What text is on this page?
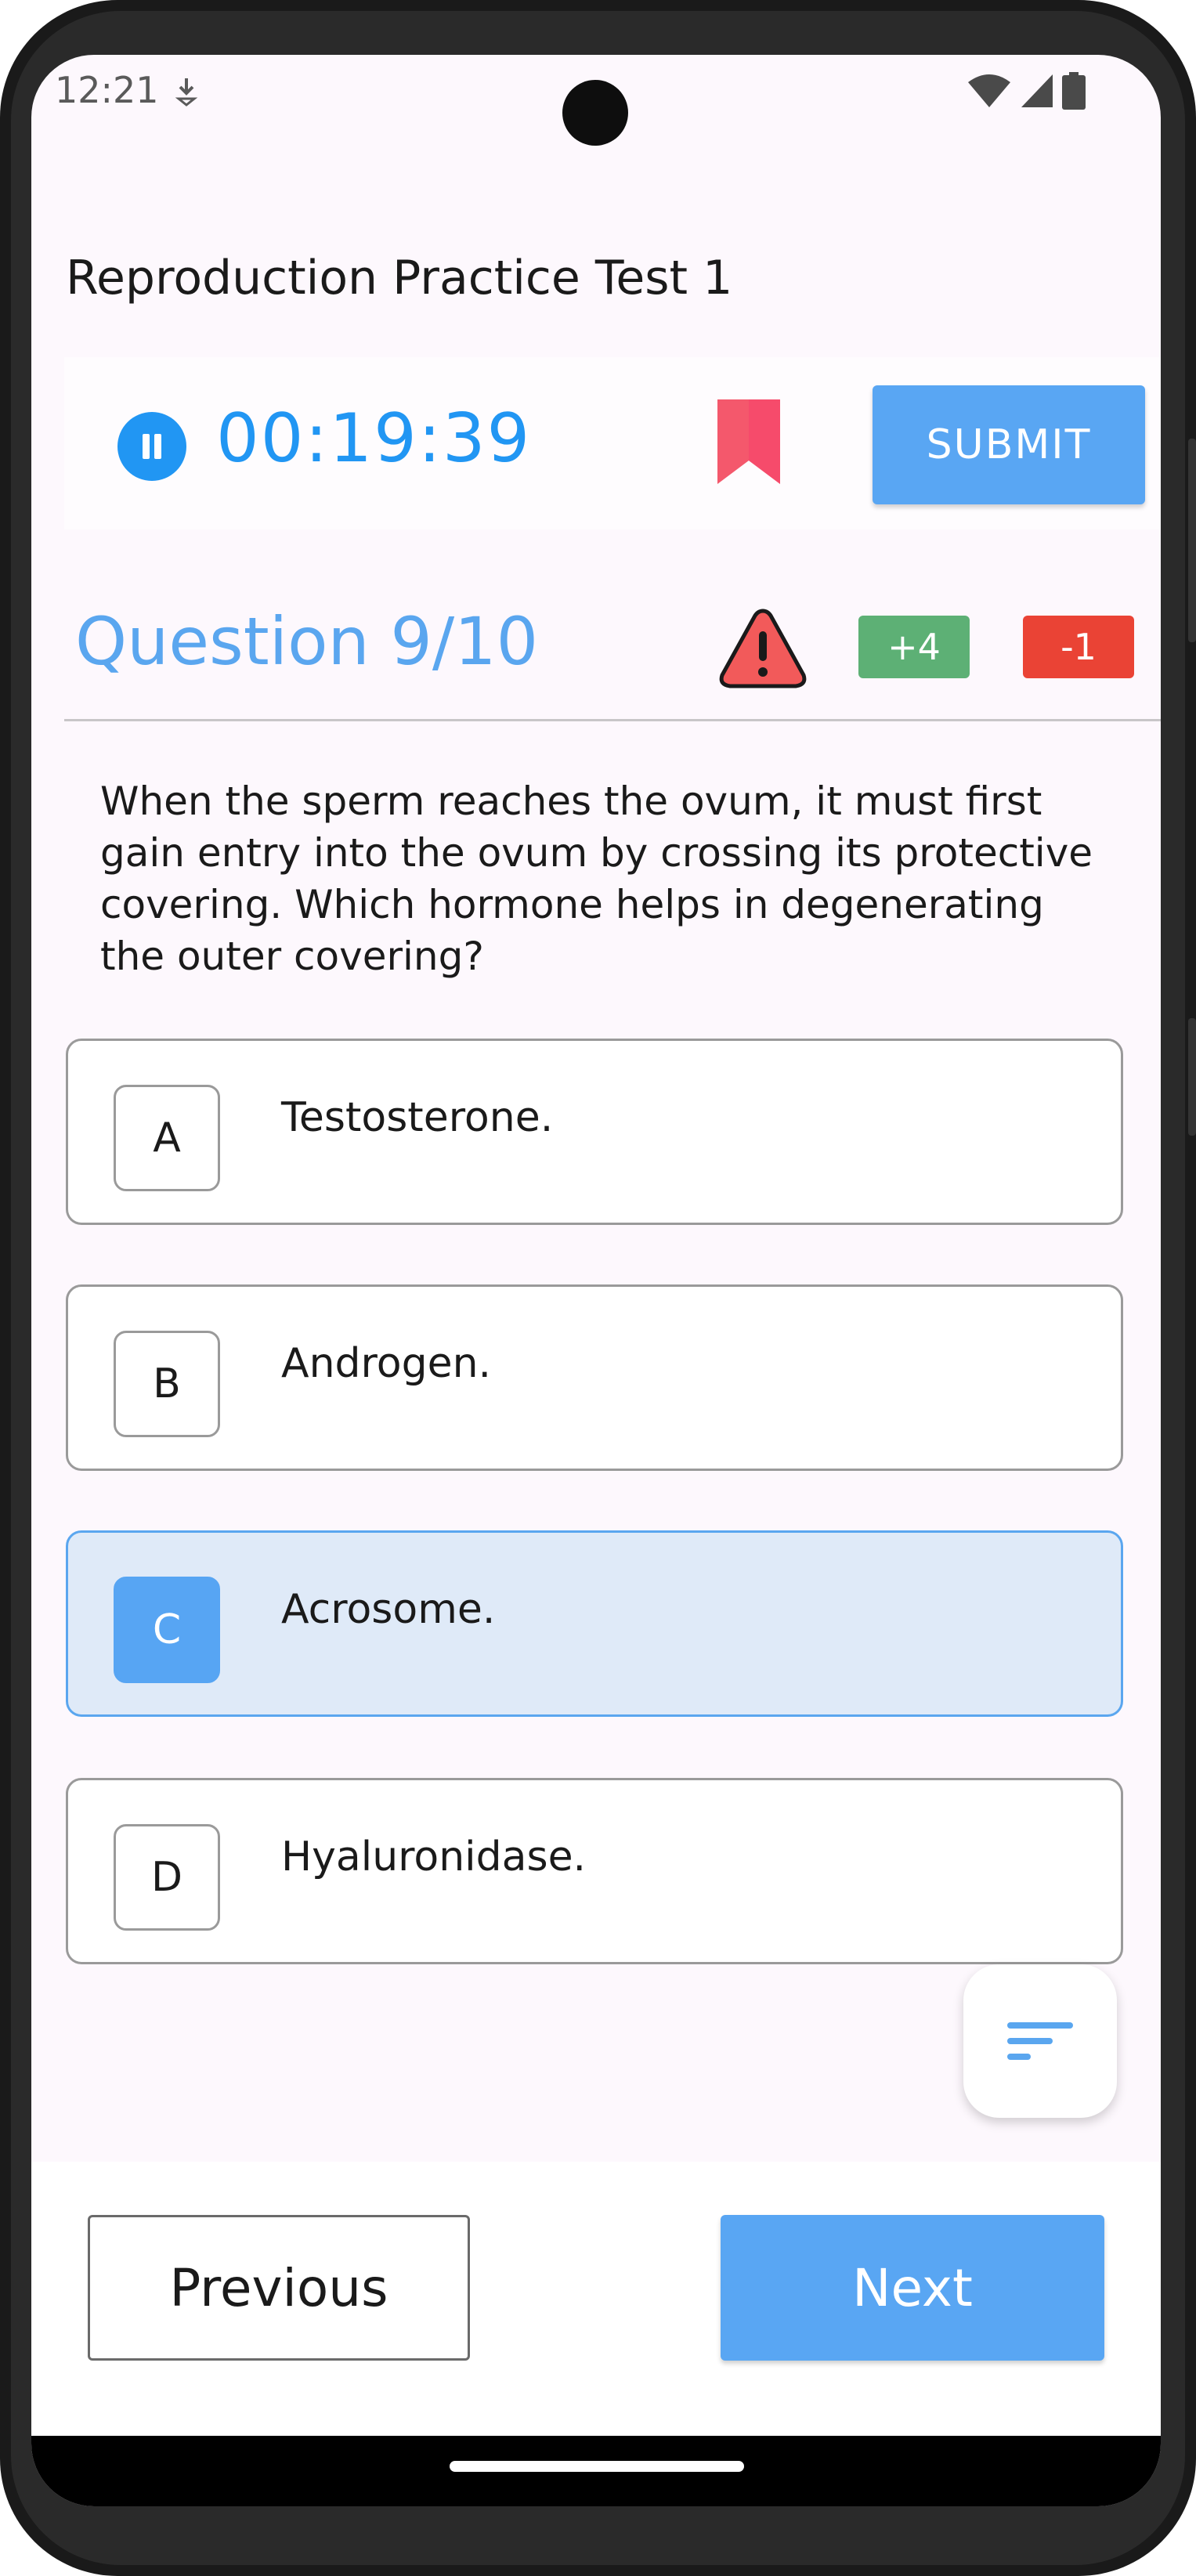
12:21
Reproduction Practice Test 1
00:19:39	SUBMIT
Question 9/10	+4	-1
When the sperm reaches the ovum, it must first gain entry into the ovum by crossing its protective covering. Which hormone helps in degenerating the outer covering?
A	Testosterone.
B	Androgen.
C	Acrosome.
D	Hyaluronidase.
Previous	Next
